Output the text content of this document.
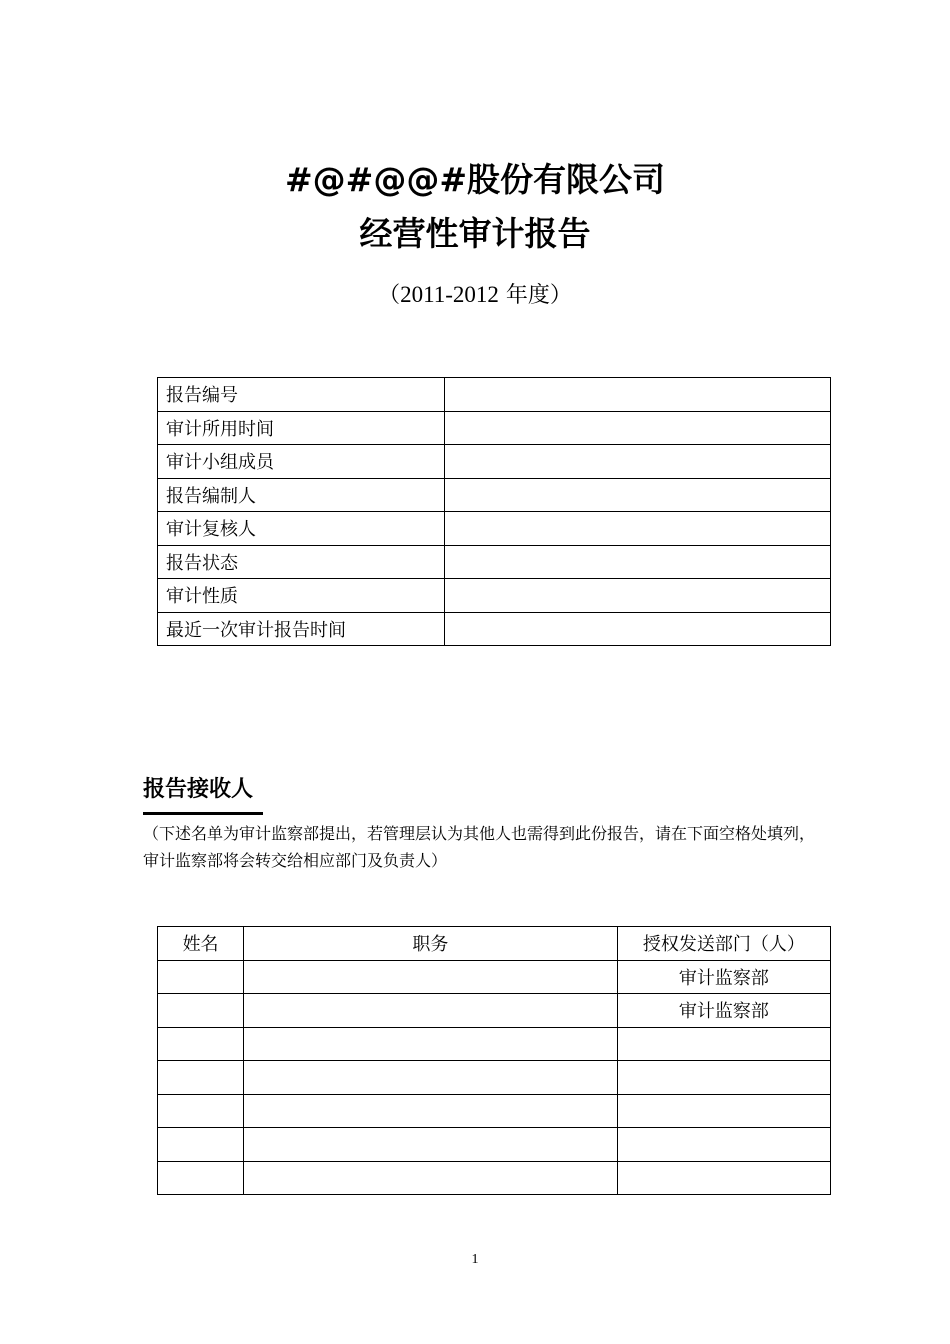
#@#@@#股份有限公司
经营性审计报告
（2011-2012 年度）
报告编号	
审计所用时间	
审计小组成员	
报告编制人	
审计复核人	
报告状态	
审计性质	
最近一次审计报告时间	
报告接收人

（下述名单为审计监察部提出，若管理层认为其他人也需得到此份报告，请在下面空格处填列，审计监察部将会转交给相应部门及负责人）

姓名	职务	授权发送部门（人）
		审计监察部
		审计监察部

1
